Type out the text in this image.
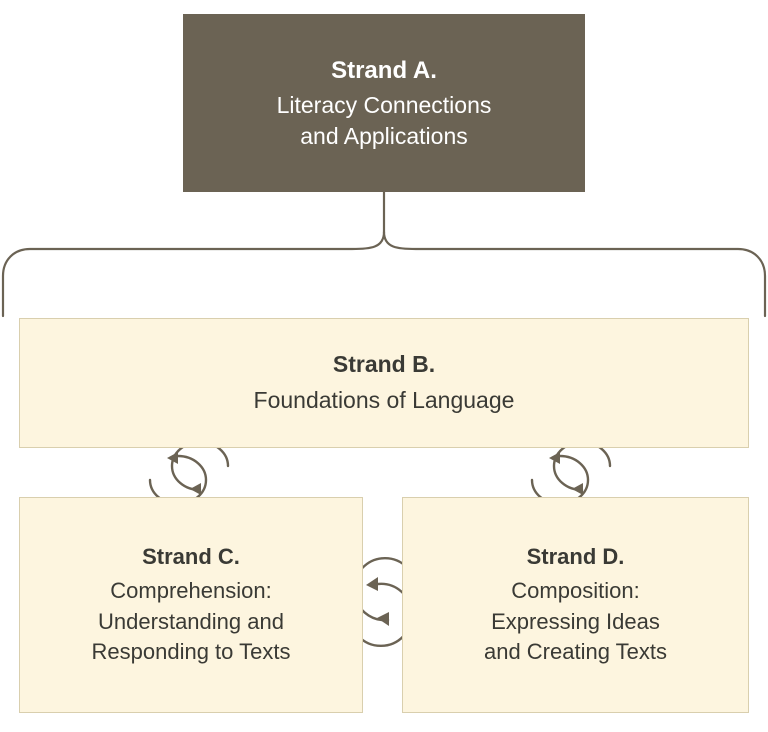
Strand A.
Literacy Connections
and Applications
Strand B.
Foundations of Language
Strand C.
Comprehension:
Understanding and
Responding to Texts
Strand D.
Composition:
Expressing Ideas
and Creating Texts
